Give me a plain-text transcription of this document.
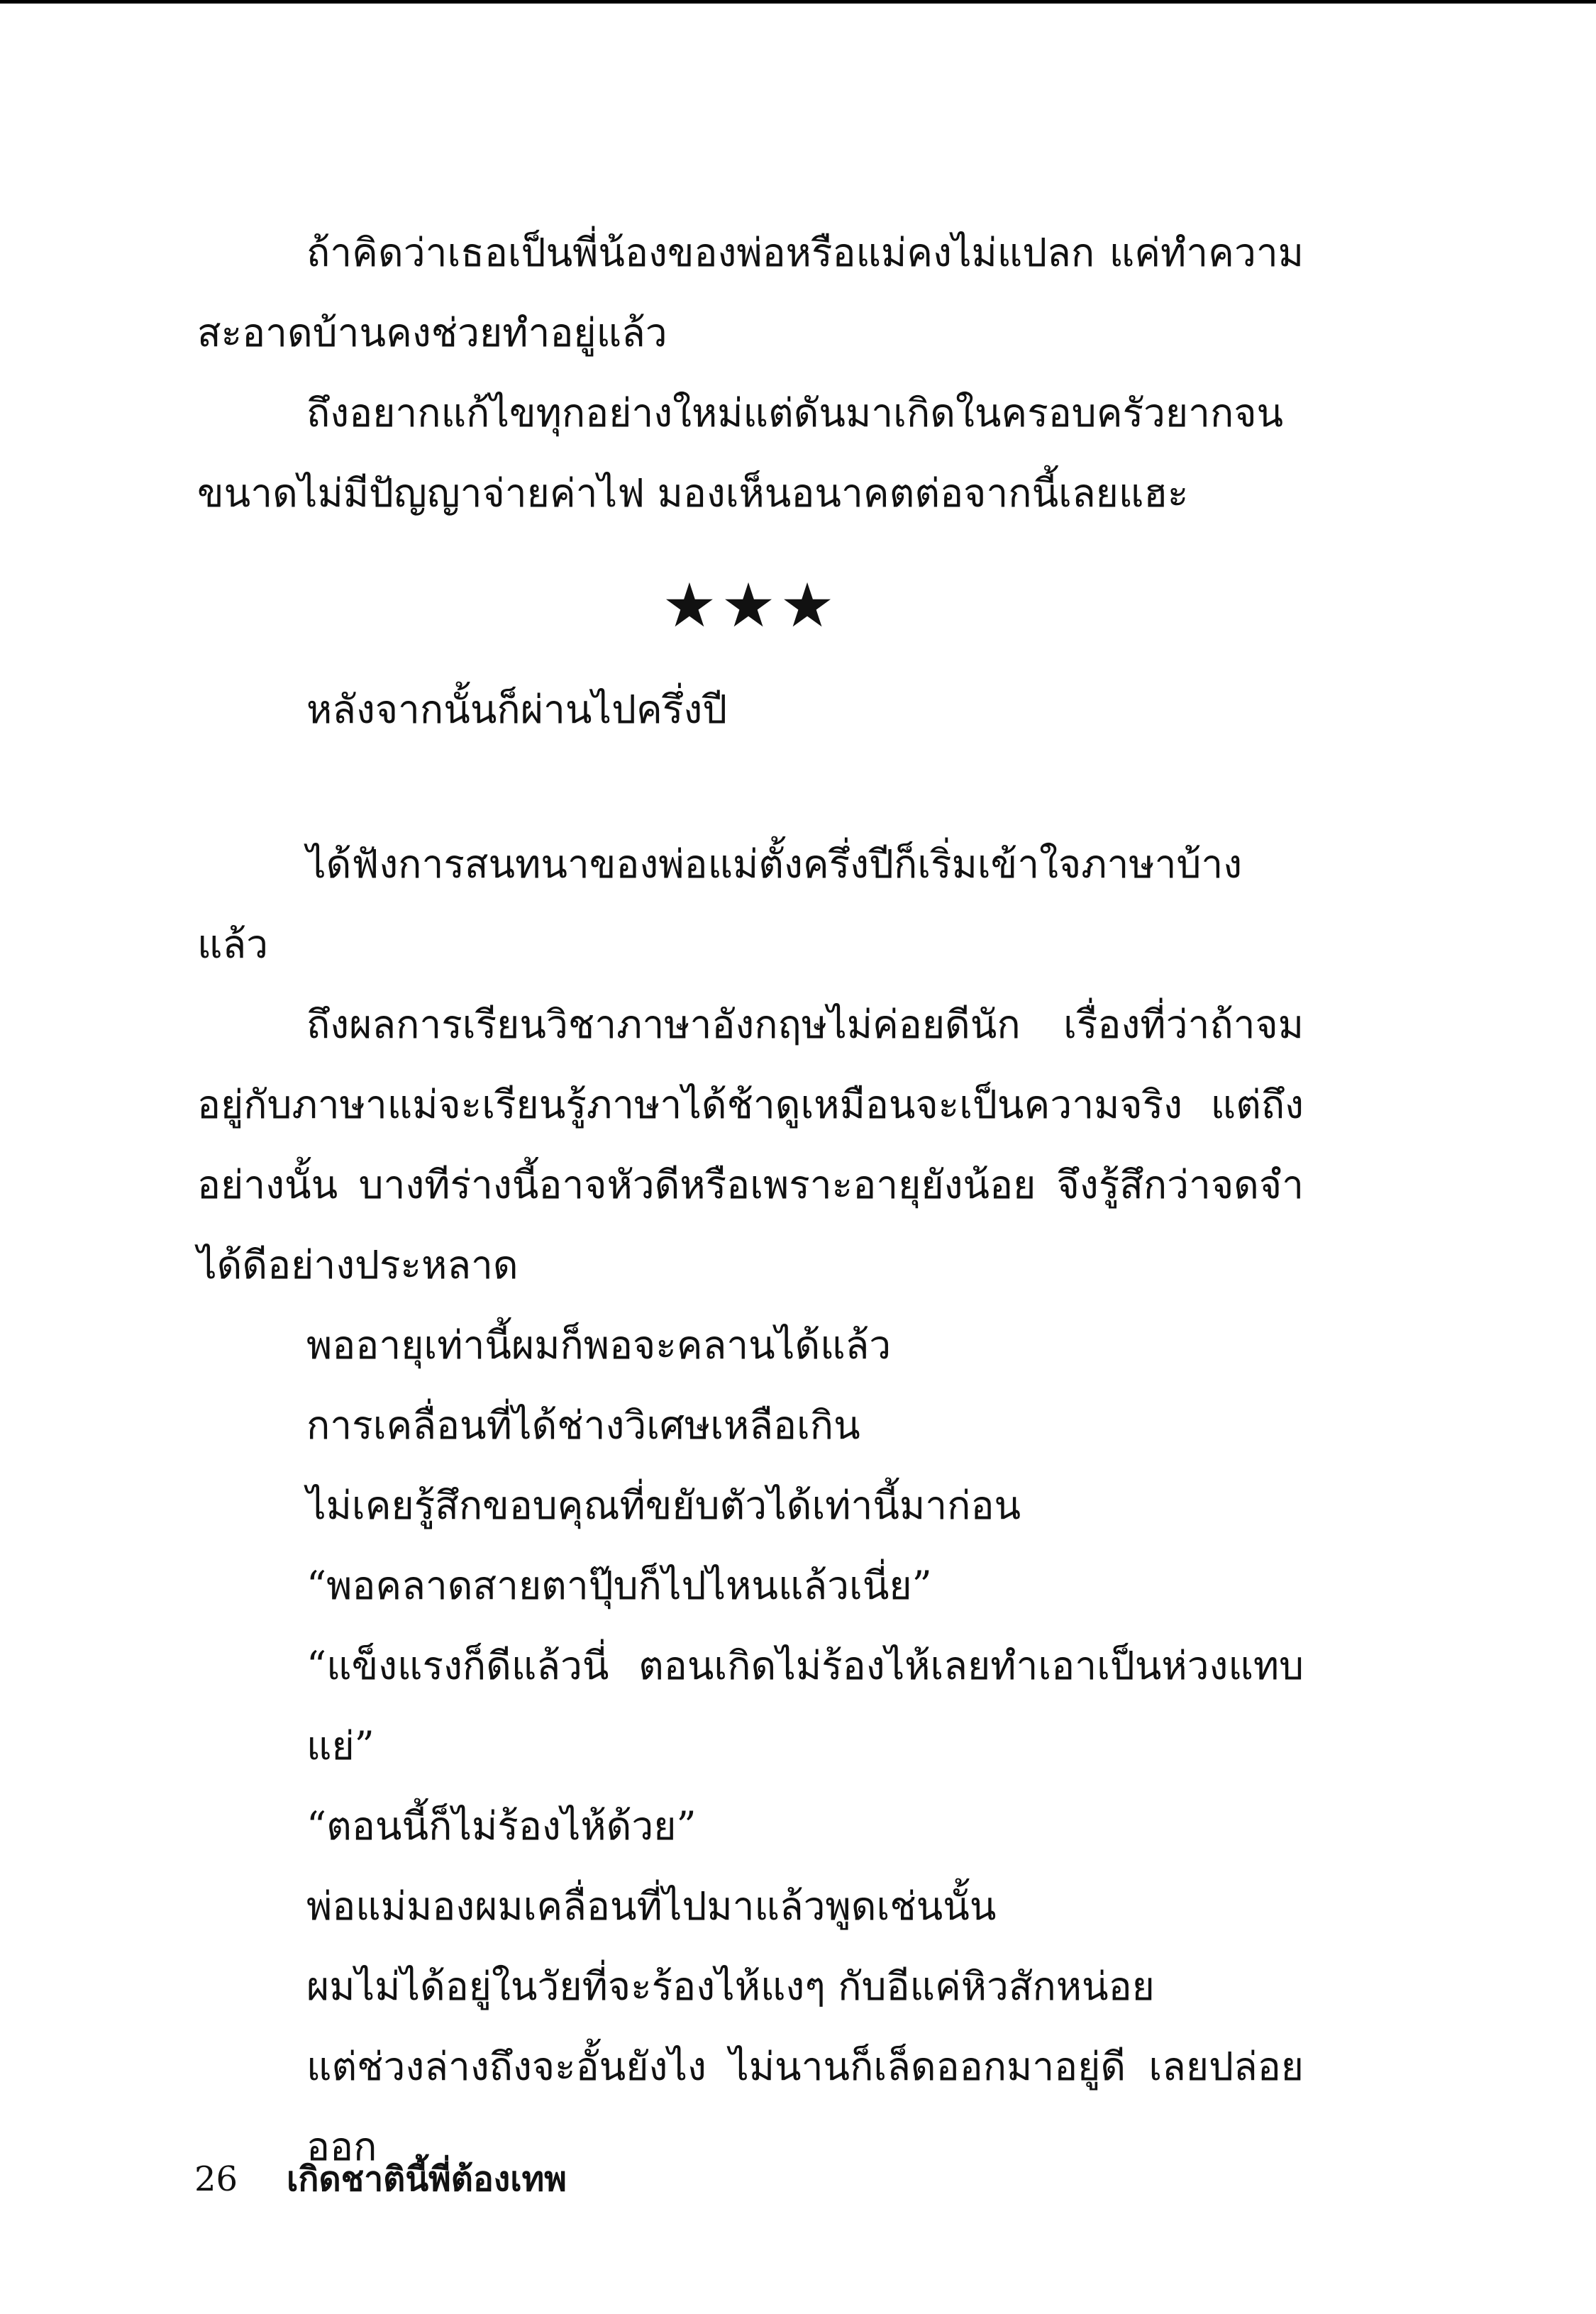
ถ้าคิดว่าเธอเป็นพี่น้องของพ่อหรือแม่คงไม่แปลก แค่ทำความสะอาดบ้านคงช่วยทำอยู่แล้ว

ถึงอยากแก้ไขทุกอย่างใหม่แต่ดันมาเกิดในครอบครัวยากจนขนาดไม่มีปัญญาจ่ายค่าไฟ มองเห็นอนาคตต่อจากนี้เลยแฮะ

★★★

หลังจากนั้นก็ผ่านไปครึ่งปี

ได้ฟังการสนทนาของพ่อแม่ตั้งครึ่งปีก็เริ่มเข้าใจภาษาบ้างแล้ว

ถึงผลการเรียนวิชาภาษาอังกฤษไม่ค่อยดีนัก เรื่องที่ว่าถ้าจมอยู่กับภาษาแม่จะเรียนรู้ภาษาได้ช้าดูเหมือนจะเป็นความจริง แต่ถึงอย่างนั้น บางทีร่างนี้อาจหัวดีหรือเพราะอายุยังน้อย จึงรู้สึกว่าจดจำได้ดีอย่างประหลาด

พออายุเท่านี้ผมก็พอจะคลานได้แล้ว

การเคลื่อนที่ได้ช่างวิเศษเหลือเกิน

ไม่เคยรู้สึกขอบคุณที่ขยับตัวได้เท่านี้มาก่อน

“พอคลาดสายตาปุ๊บก็ไปไหนแล้วเนี่ย”

“แข็งแรงก็ดีแล้วนี่ ตอนเกิดไม่ร้องไห้เลยทำเอาเป็นห่วงแทบแย่”

“ตอนนี้ก็ไม่ร้องไห้ด้วย”

พ่อแม่มองผมเคลื่อนที่ไปมาแล้วพูดเช่นนั้น

ผมไม่ได้อยู่ในวัยที่จะร้องไห้แงๆ กับอีแค่หิวสักหน่อย

แต่ช่วงล่างถึงจะอั้นยังไง ไม่นานก็เล็ดออกมาอยู่ดี เลยปล่อยออก

26 เกิดชาตินี้พี่ต้องเทพ
